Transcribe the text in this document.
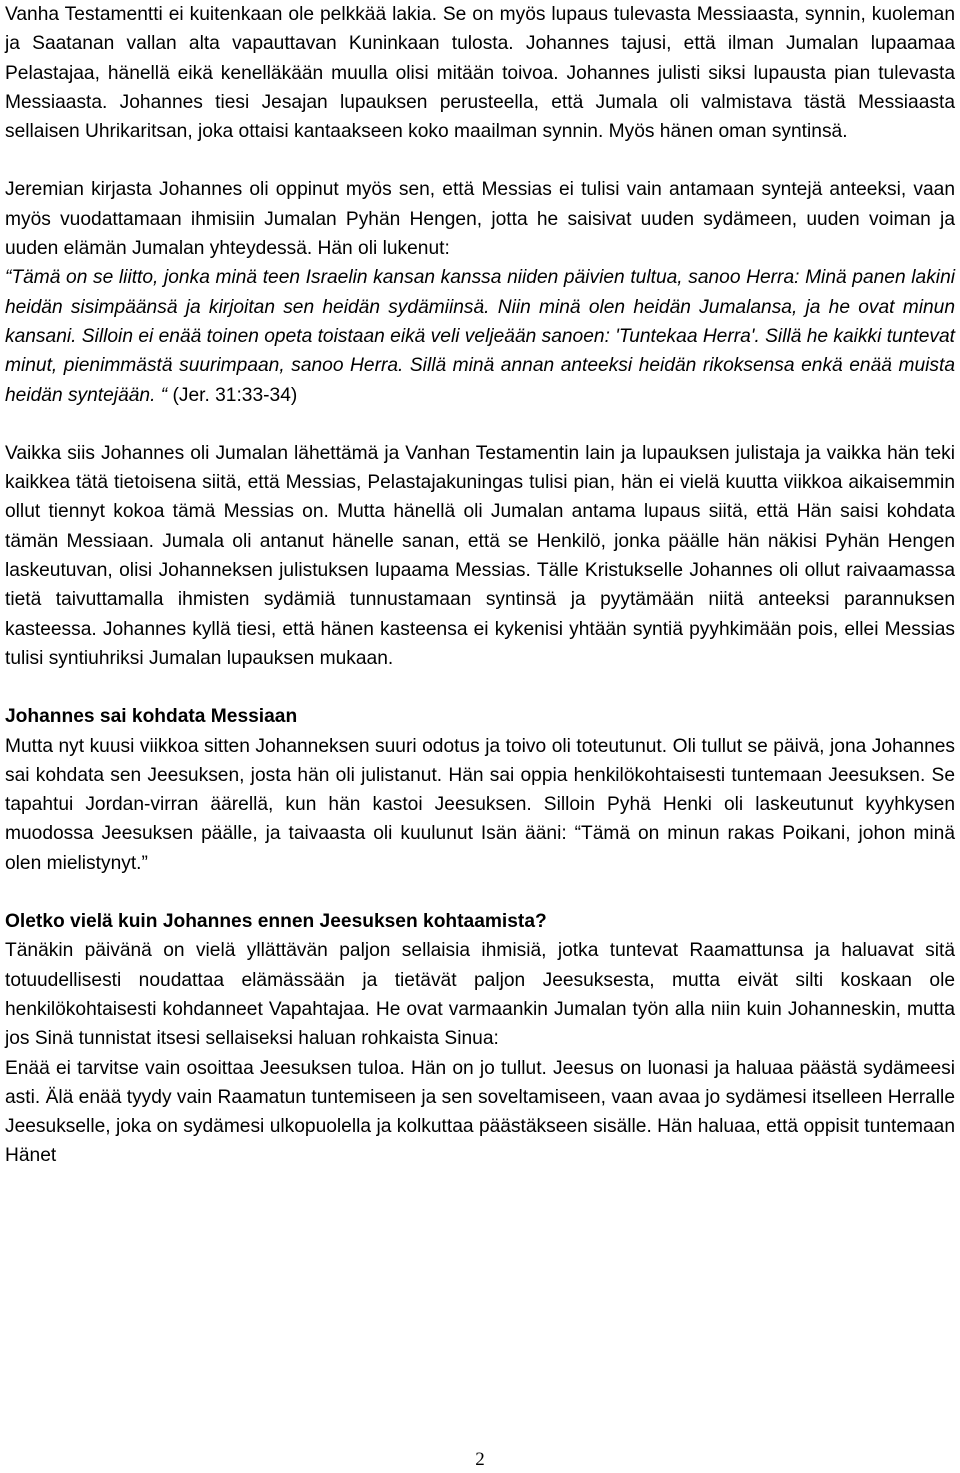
Vanha Testamentti ei kuitenkaan ole pelkkää lakia. Se on myös lupaus tulevasta Messiaasta, synnin, kuoleman ja Saatanan vallan alta vapauttavan Kuninkaan tulosta. Johannes tajusi, että ilman Jumalan lupaamaa Pelastajaa, hänellä eikä kenelläkään muulla olisi mitään toivoa. Johannes julisti siksi lupausta pian tulevasta Messiaasta. Johannes tiesi Jesajan lupauksen perusteella, että Jumala oli valmistava tästä Messiaasta sellaisen Uhrikaritsan, joka ottaisi kantaakseen koko maailman synnin. Myös hänen oman syntinsä.

Jeremian kirjasta Johannes oli oppinut myös sen, että Messias ei tulisi vain antamaan syntejä anteeksi, vaan myös vuodattamaan ihmisiin Jumalan Pyhän Hengen, jotta he saisivat uuden sydämeen, uuden voiman ja uuden elämän Jumalan yhteydessä. Hän oli lukenut:

“Tämä on se liitto, jonka minä teen Israelin kansan kanssa niiden päivien tultua, sanoo Herra: Minä panen lakini heidän sisimpäänsä ja kirjoitan sen heidän sydämiinsä. Niin minä olen heidän Jumalansa, ja he ovat minun kansani. Silloin ei enää toinen opeta toistaan eikä veli veljeään sanoen: 'Tuntekaa Herra'. Sillä he kaikki tuntevat minut, pienimmästä suurimpaan, sanoo Herra. Sillä minä annan anteeksi heidän rikoksensa enkä enää muista heidän syntejään. “ (Jer. 31:33-34)

Vaikka siis Johannes oli Jumalan lähettämä ja Vanhan Testamentin lain ja lupauksen julistaja ja vaikka hän teki kaikkea tätä tietoisena siitä, että Messias, Pelastajakuningas tulisi pian, hän ei vielä kuutta viikkoa aikaisemmin ollut tiennyt kokoa tämä Messias on. Mutta hänellä oli Jumalan antama lupaus siitä, että Hän saisi kohdata tämän Messiaan. Jumala oli antanut hänelle sanan, että se Henkilö, jonka päälle hän näkisi Pyhän Hengen laskeutuvan, olisi Johanneksen julistuksen lupaama Messias. Tälle Kristukselle Johannes oli ollut raivaamassa tietä taivuttamalla ihmisten sydämiä tunnustamaan syntinsä ja pyytämään niitä anteeksi parannuksen kasteessa. Johannes kyllä tiesi, että hänen kasteensa ei kykenisi yhtään syntiä pyyhkimään pois, ellei Messias tulisi syntiuhriksi Jumalan lupauksen mukaan.

Johannes sai kohdata Messiaan

Mutta nyt kuusi viikkoa sitten Johanneksen suuri odotus ja toivo oli toteutunut. Oli tullut se päivä, jona Johannes sai kohdata sen Jeesuksen, josta hän oli julistanut. Hän sai oppia henkilökohtaisesti tuntemaan Jeesuksen. Se tapahtui Jordan-virran äärellä, kun hän kastoi Jeesuksen. Silloin Pyhä Henki oli laskeutunut kyyhkysen muodossa Jeesuksen päälle, ja taivaasta oli kuulunut Isän ääni: “Tämä on minun rakas Poikani, johon minä olen mielistynyt.”

Oletko vielä kuin Johannes ennen Jeesuksen kohtaamista?

Tänäkin päivänä on vielä yllättävän paljon sellaisia ihmisiä, jotka tuntevat Raamattunsa ja haluavat sitä totuudellisesti noudattaa elämässään ja tietävät paljon Jeesuksesta, mutta eivät silti koskaan ole henkilökohtaisesti kohdanneet Vapahtajaa. He ovat varmaankin Jumalan työn alla niin kuin Johanneskin, mutta jos Sinä tunnistat itsesi sellaiseksi haluan rohkaista Sinua:

Enää ei tarvitse vain osoittaa Jeesuksen tuloa. Hän on jo tullut. Jeesus on luonasi ja haluaa päästä sydämeesi asti. Älä enää tyydy vain Raamatun tuntemiseen ja sen soveltamiseen, vaan avaa jo sydämesi itselleen Herralle Jeesukselle, joka on sydämesi ulkopuolella ja kolkuttaa päästäkseen sisälle. Hän haluaa, että oppisit tuntemaan Hänet

2
